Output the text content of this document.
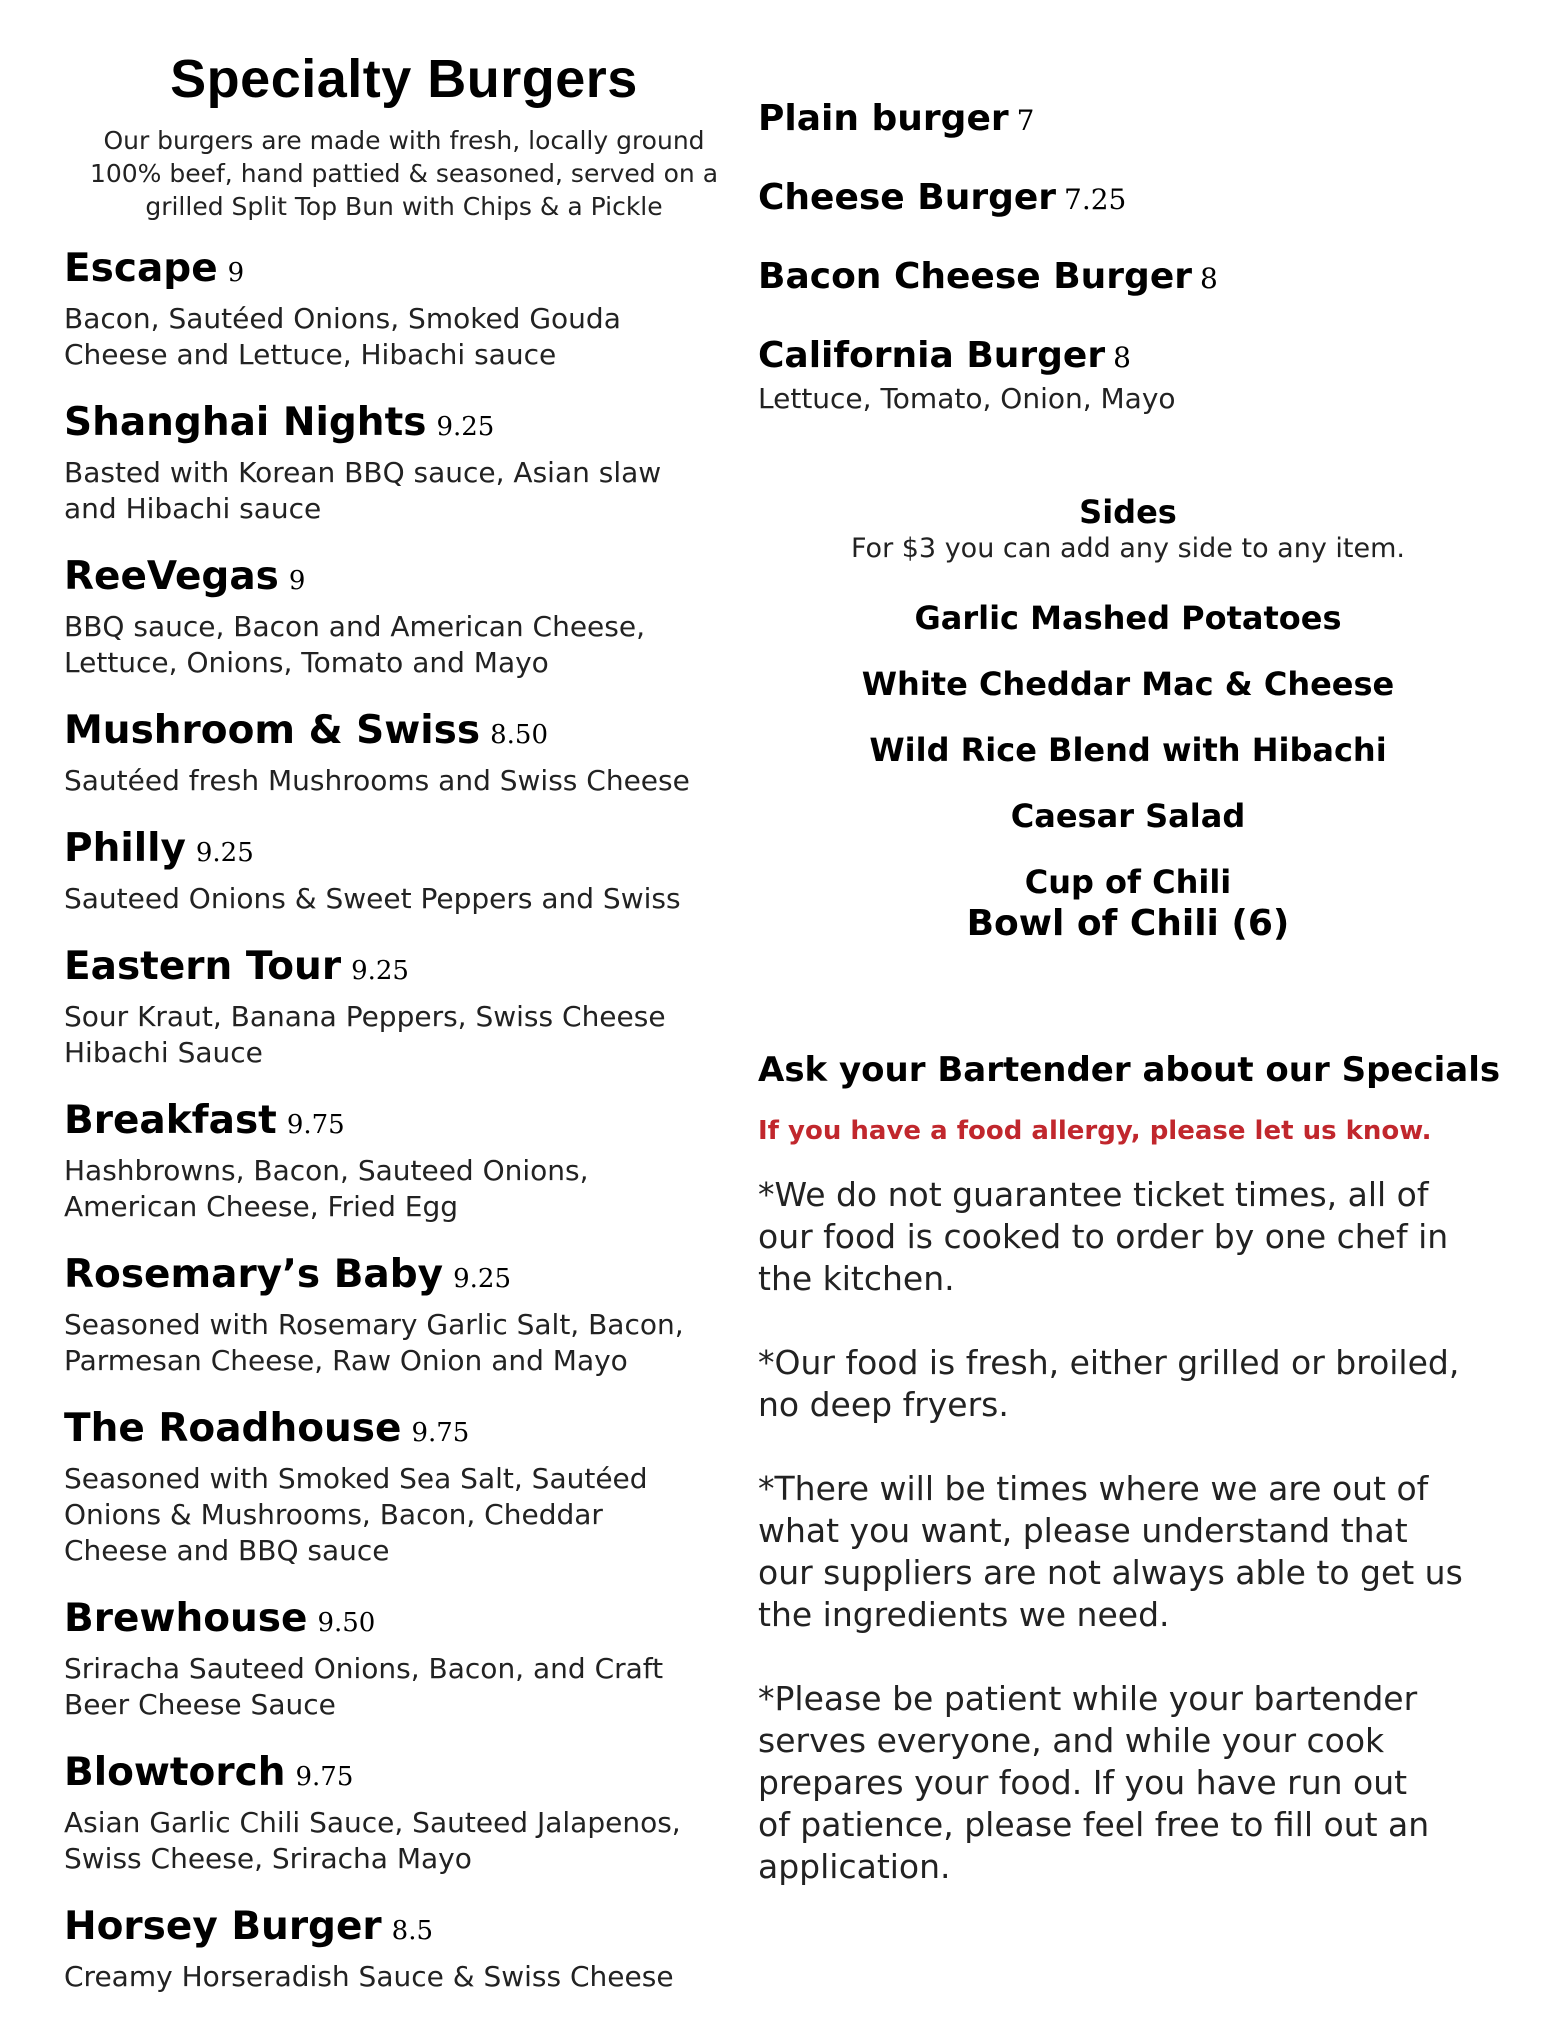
Specialty Burgers
Our burgers are made with fresh, locally ground
100% beef, hand pattied & seasoned, served on a
grilled Split Top Bun with Chips & a Pickle
Escape 9
Bacon, Sautéed Onions, Smoked Gouda
Cheese and Lettuce, Hibachi sauce
Shanghai Nights 9.25
Basted with Korean BBQ sauce, Asian slaw
and Hibachi sauce
ReeVegas 9
BBQ sauce, Bacon and American Cheese,
Lettuce, Onions, Tomato and Mayo
Mushroom & Swiss 8.50
Sautéed fresh Mushrooms and Swiss Cheese
Philly 9.25
Sauteed Onions & Sweet Peppers and Swiss
Eastern Tour 9.25
Sour Kraut, Banana Peppers, Swiss Cheese
Hibachi Sauce
Breakfast 9.75
Hashbrowns, Bacon, Sauteed Onions,
American Cheese, Fried Egg
Rosemary’s Baby 9.25
Seasoned with Rosemary Garlic Salt, Bacon,
Parmesan Cheese, Raw Onion and Mayo
The Roadhouse 9.75
Seasoned with Smoked Sea Salt, Sautéed
Onions & Mushrooms, Bacon, Cheddar
Cheese and BBQ sauce
Brewhouse 9.50
Sriracha Sauteed Onions, Bacon, and Craft
Beer Cheese Sauce
Blowtorch 9.75
Asian Garlic Chili Sauce, Sauteed Jalapenos,
Swiss Cheese, Sriracha Mayo
Horsey Burger 8.5
Creamy Horseradish Sauce & Swiss Cheese
Plain burger 7
Cheese Burger 7.25
Bacon Cheese Burger 8
California Burger 8
Lettuce, Tomato, Onion, Mayo
Sides
For $3 you can add any side to any item.
Garlic Mashed Potatoes
White Cheddar Mac & Cheese
Wild Rice Blend with Hibachi
Caesar Salad
Cup of Chili
Bowl of Chili (6)
Ask your Bartender about our Specials
If you have a food allergy, please let us know.
*We do not guarantee ticket times, all of
our food is cooked to order by one chef in
the kitchen.
*Our food is fresh, either grilled or broiled,
no deep fryers.
*There will be times where we are out of
what you want, please understand that
our suppliers are not always able to get us
the ingredients we need.
*Please be patient while your bartender
serves everyone, and while your cook
prepares your food. If you have run out
of patience, please feel free to fill out an
application.
